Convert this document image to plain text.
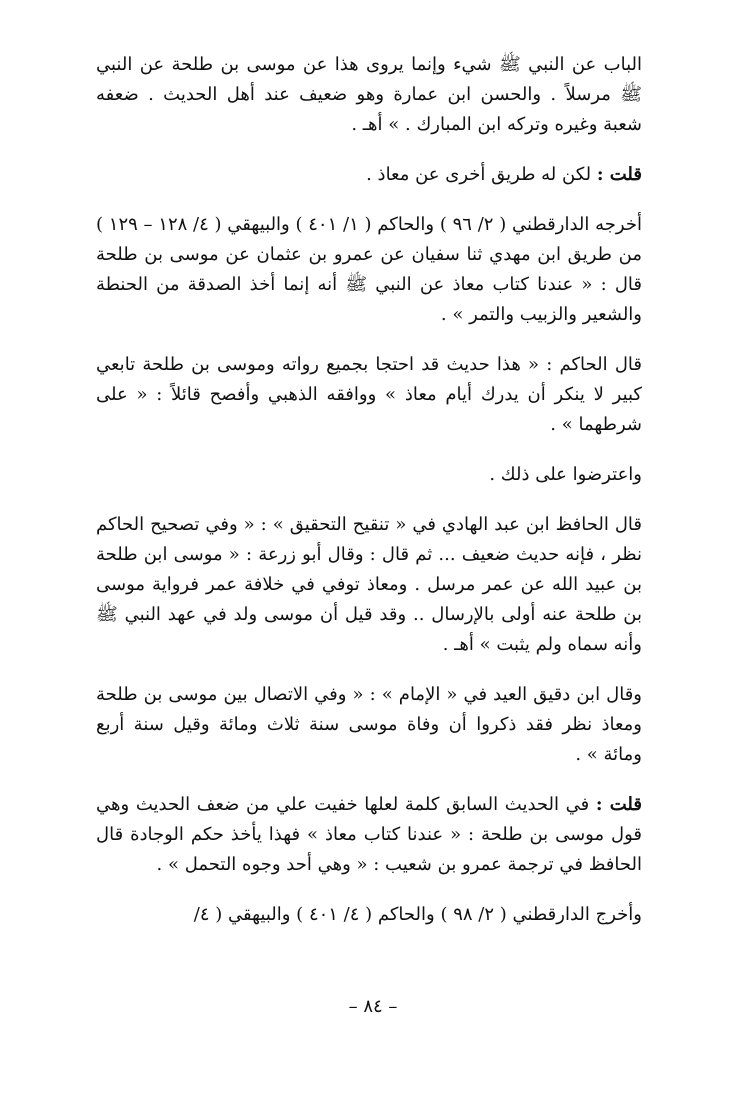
الباب عن النبي ﷺ شيء وإنما يروى هذا عن موسى بن طلحة عن النبي ﷺ مرسلاً . والحسن ابن عمارة وهو ضعيف عند أهل الحديث . ضعفه شعبة وغيره وتركه ابن المبارك . » أهـ .

قلت : لكن له طريق أخرى عن معاذ .

أخرجه الدارقطني ( ٢/ ٩٦ ) والحاكم ( ١/ ٤٠١ ) والبيهقي ( ٤/ ١٢٨ – ١٢٩ ) من طريق ابن مهدي ثنا سفيان عن عمرو بن عثمان عن موسى بن طلحة قال : « عندنا كتاب معاذ عن النبي ﷺ أنه إنما أخذ الصدقة من الحنطة والشعير والزبيب والتمر » .

قال الحاكم : « هذا حديث قد احتجا بجميع رواته وموسى بن طلحة تابعي كبير لا ينكر أن يدرك أيام معاذ » ووافقه الذهبي وأفصح قائلاً : « على شرطهما » .

واعترضوا على ذلك .

قال الحافظ ابن عبد الهادي في « تنقيح التحقيق » : « وفي تصحيح الحاكم نظر ، فإنه حديث ضعيف ... ثم قال : وقال أبو زرعة : « موسى ابن طلحة بن عبيد الله عن عمر مرسل . ومعاذ توفي في خلافة عمر فرواية موسى بن طلحة عنه أولى بالإرسال .. وقد قيل أن موسى ولد في عهد النبي ﷺ وأنه سماه ولم يثبت » أهـ .

وقال ابن دقيق العيد في « الإمام » : « وفي الاتصال بين موسى بن طلحة ومعاذ نظر فقد ذكروا أن وفاة موسى سنة ثلاث ومائة وقيل سنة أربع ومائة » .

قلت : في الحديث السابق كلمة لعلها خفيت علي من ضعف الحديث وهي قول موسى بن طلحة : « عندنا كتاب معاذ » فهذا يأخذ حكم الوجادة قال الحافظ في ترجمة عمرو بن شعيب : « وهي أحد وجوه التحمل » .

وأخرج الدارقطني ( ٢/ ٩٨ ) والحاكم ( ٤/ ٤٠١ ) والبيهقي ( ٤/

– ٨٤ –
